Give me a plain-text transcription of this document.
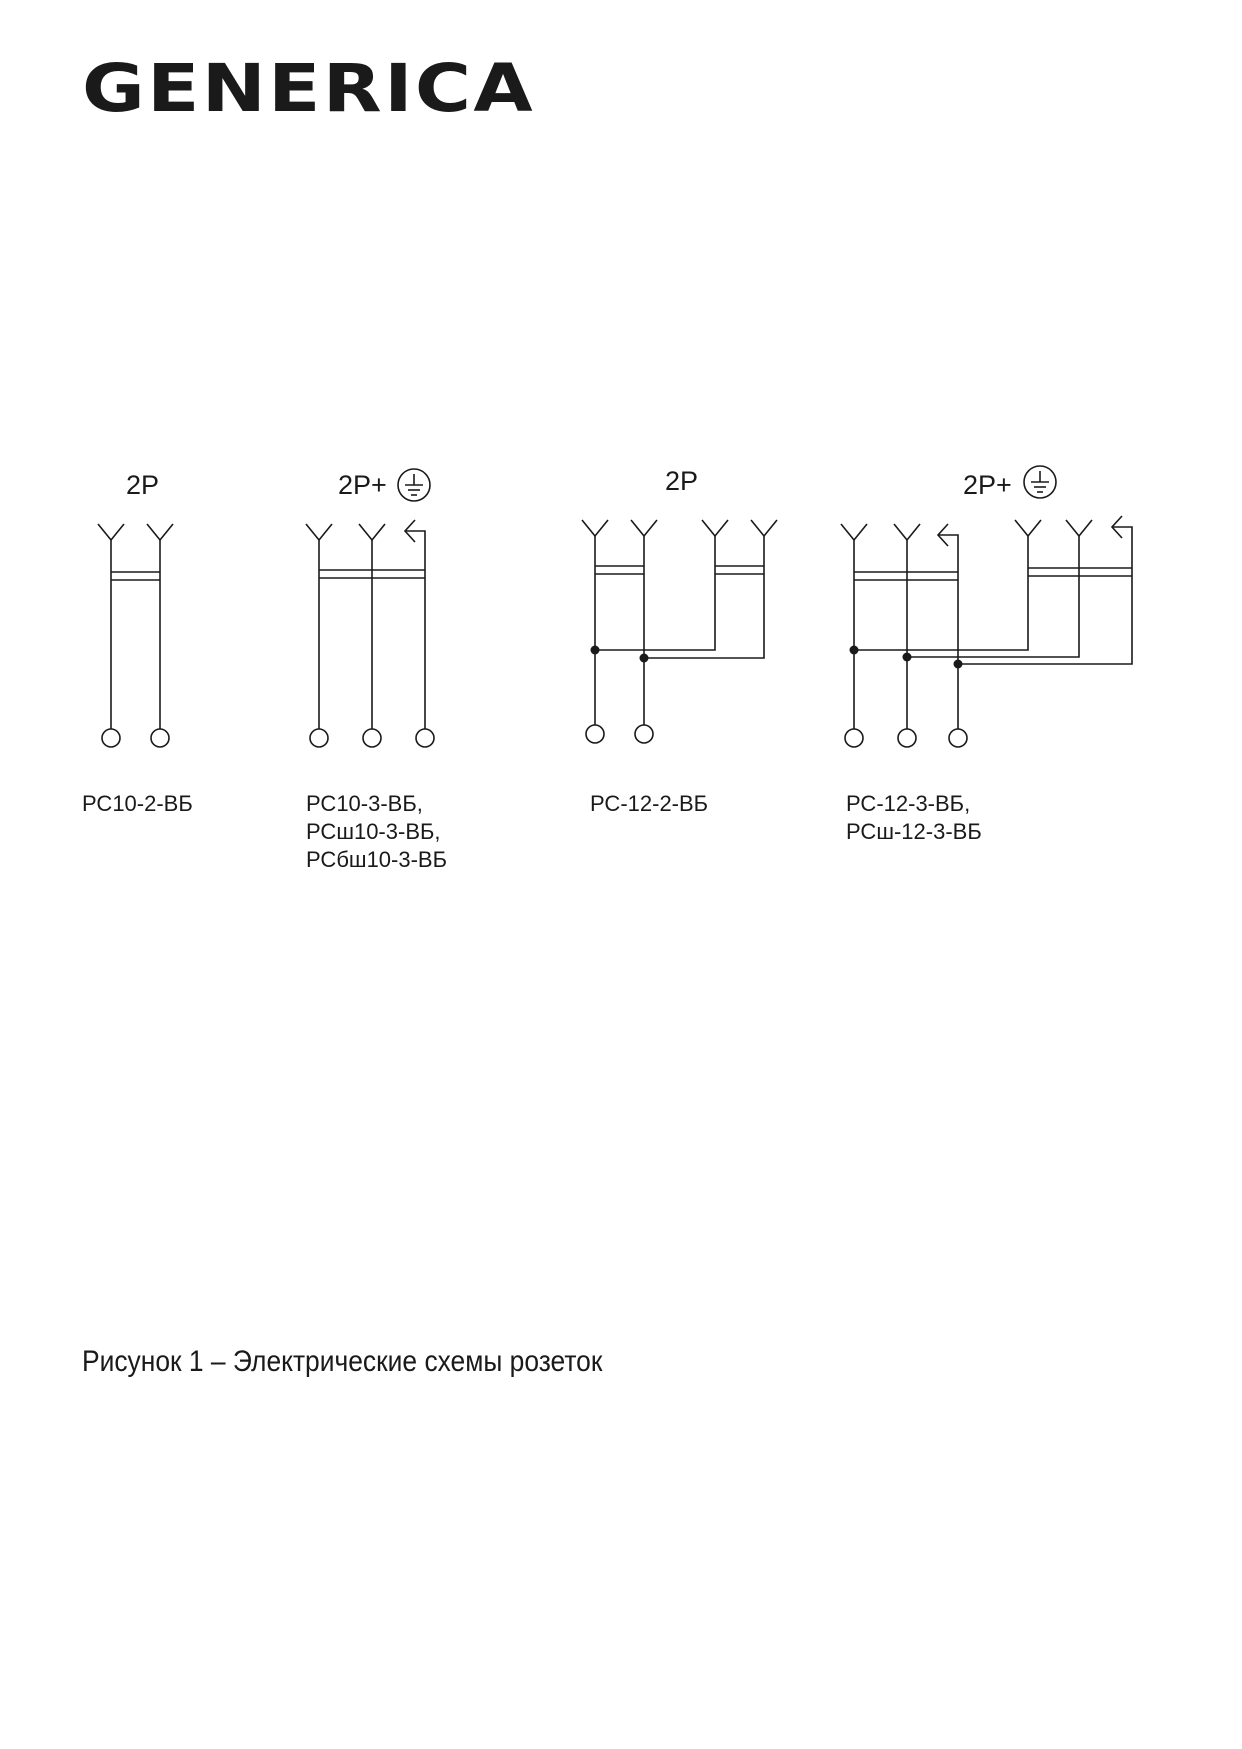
GENERICA
2P	2P+	2P	2P+
РС10-2-ВБ	РС10-3-ВБ,
РСш10-3-ВБ,
РСбш10-3-ВБ
РС-12-2-ВБ	РС-12-3-ВБ,
РСш-12-3-ВБ
Рисунок 1 – Электрические схемы розеток
